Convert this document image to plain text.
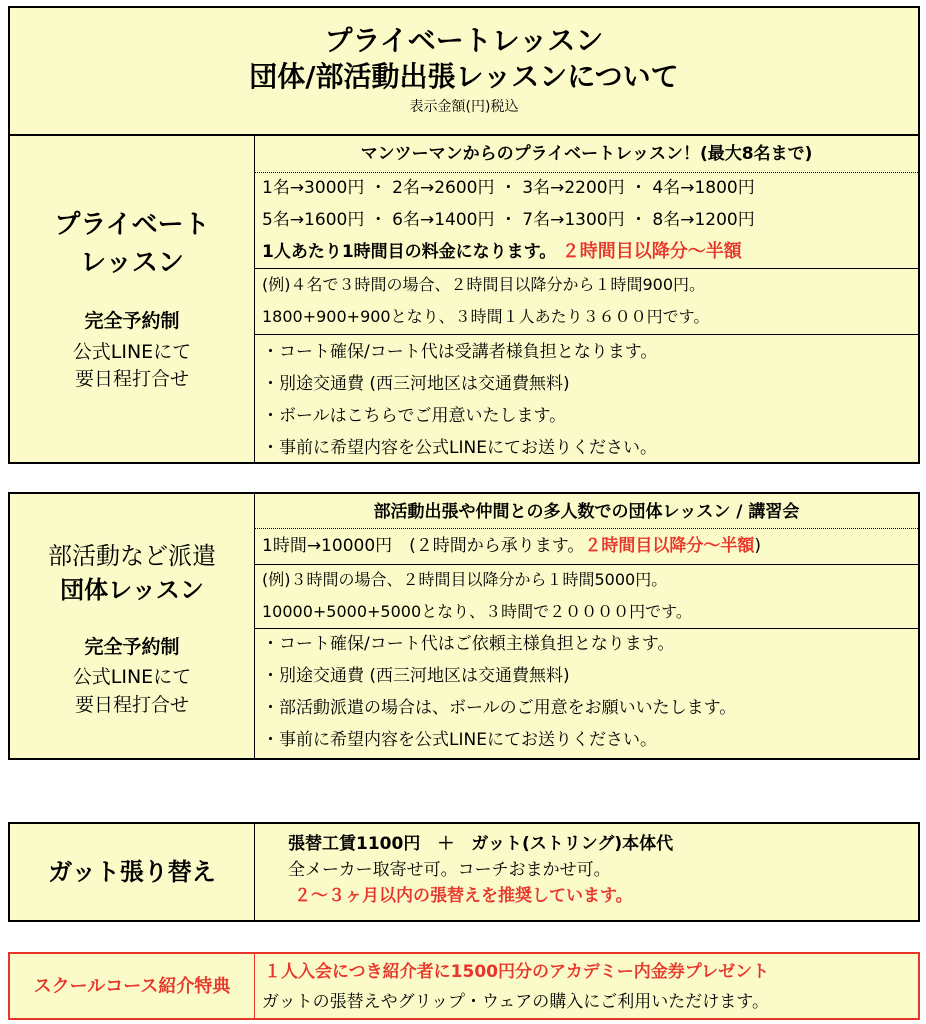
プライベートレッスン
団体/部活動出張レッスンについて
表示金額(円)税込
プライベート
レッスン
完全予約制
公式LINEにて
要日程打合せ
マンツーマンからのプライベートレッスン！(最大8名まで)
1名→3000円 ・ 2名→2600円 ・ 3名→2200円 ・ 4名→1800円
5名→1600円 ・ 6名→1400円 ・ 7名→1300円 ・ 8名→1200円
1人あたり1時間目の料金になります。 ２時間目以降分〜半額
(例)４名で３時間の場合、２時間目以降分から１時間900円。
1800+900+900となり、３時間１人あたり３６００円です。
・コート確保/コート代は受講者様負担となります。
・別途交通費 (西三河地区は交通費無料)
・ボールはこちらでご用意いたします。
・事前に希望内容を公式LINEにてお送りください。
部活動など派遣
団体レッスン
完全予約制
公式LINEにて
要日程打合せ
部活動出張や仲間との多人数での団体レッスン / 講習会
1時間→10000円　(２時間から承ります。２時間目以降分〜半額)
(例)３時間の場合、２時間目以降分から１時間5000円。
10000+5000+5000となり、３時間で２００００円です。
・コート確保/コート代はご依頼主様負担となります。
・別途交通費 (西三河地区は交通費無料)
・部活動派遣の場合は、ボールのご用意をお願いいたします。
・事前に希望内容を公式LINEにてお送りください。
ガット張り替え
張替工賃1100円　＋　ガット(ストリング)本体代
全メーカー取寄せ可。コーチおまかせ可。
２〜３ヶ月以内の張替えを推奨しています。
スクールコース紹介特典
１人入会につき紹介者に1500円分のアカデミー内金券プレゼント
ガットの張替えやグリップ・ウェアの購入にご利用いただけます。
